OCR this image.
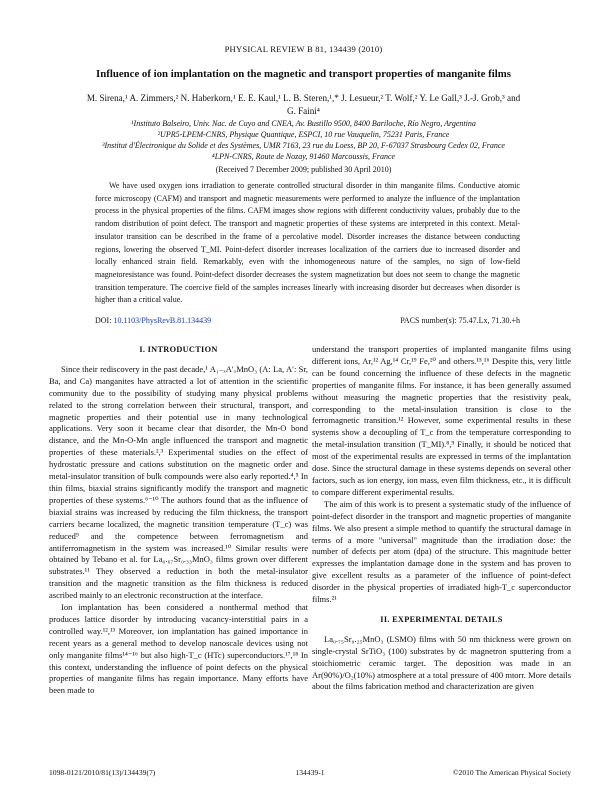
PHYSICAL REVIEW B 81, 134439 (2010)
Influence of ion implantation on the magnetic and transport properties of manganite films
M. Sirena,¹ A. Zimmers,² N. Haberkorn,¹ E. E. Kaul,¹ L. B. Steren,¹,* J. Lesueur,² T. Wolf,² Y. Le Gall,³ J.-J. Grob,³ and
G. Faini⁴
¹Instituto Balseiro, Univ. Nac. de Cuyo and CNEA, Av. Bustillo 9500, 8400 Bariloche, Río Negro, Argentina
²UPR5-LPEM-CNRS, Physique Quantique, ESPCI, 10 rue Vauquelin, 75231 Paris, France
³Institut d'Électronique du Solide et des Systèmes, UMR 7163, 23 rue du Loess, BP 20, F-67037 Strasbourg Cedex 02, France
⁴LPN-CNRS, Route de Nozay, 91460 Marcoussis, France
(Received 7 December 2009; published 30 April 2010)
We have used oxygen ions irradiation to generate controlled structural disorder in thin manganite films. Conductive atomic force microscopy (CAFM) and transport and magnetic measurements were performed to analyze the influence of the implantation process in the physical properties of the films. CAFM images show regions with different conductivity values, probably due to the random distribution of point defect. The transport and magnetic properties of these systems are interpreted in this context. Metal-insulator transition can be described in the frame of a percolative model. Disorder increases the distance between conducting regions, lowering the observed T_MI. Point-defect disorder increases localization of the carriers due to increased disorder and locally enhanced strain field. Remarkably, even with the inhomogeneous nature of the samples, no sign of low-field magnetoresistance was found. Point-defect disorder decreases the system magnetization but does not seem to change the magnetic transition temperature. The coercive field of the samples increases linearly with increasing disorder but decreases when disorder is higher than a critical value.
DOI: 10.1103/PhysRevB.81.134439	PACS number(s): 75.47.Lx, 71.30.+h
I. INTRODUCTION

Since their rediscovery in the past decade,¹ A₁₋ₓA′ₓMnO₃ (A: La, A′: Sr, Ba, and Ca) manganites have attracted a lot of attention in the scientific community due to the possibility of studying many physical problems related to the strong correlation between their structural, transport, and magnetic properties and their potential use in many technological applications. Very soon it became clear that disorder, the Mn-O bond distance, and the Mn-O-Mn angle influenced the transport and magnetic properties of these materials.²,³ Experimental studies on the effect of hydrostatic pressure and cations substitution on the magnetic order and metal-insulator transition of bulk compounds were also early reported.⁴,⁵ In thin films, biaxial strains significantly modify the transport and magnetic properties of these systems.⁶⁻¹⁰ The authors found that as the influence of biaxial strains was increased by reducing the film thickness, the transport carriers became localized, the magnetic transition temperature (T_c) was reduced⁹ and the competence between ferromagnetism and antiferromagnetism in the system was increased.¹⁰ Similar results were obtained by Tebano et al. for La₀.₆₇Sr₀.₃₃MnO₃ films grown over different substrates.¹¹ They observed a reduction in both the metal-insulator transition and the magnetic transition as the film thickness is reduced ascribed mainly to an electronic reconstruction at the interface.

Ion implantation has been considered a nonthermal method that produces lattice disorder by introducing vacancy-interstitial pairs in a controlled way.¹²,¹³ Moreover, ion implantation has gained importance in recent years as a general method to develop nanoscale devices using not only manganite films¹⁴⁻¹⁶ but also high-T_c (HTc) superconductors.¹⁷,¹⁸ In this context, understanding the influence of point defects on the physical properties of manganite films has regain importance. Many efforts have been made to

understand the transport properties of implanted manganite films using different ions, Ar,¹² Ag,¹⁴ Cr,¹⁹ Fe,²⁰ and others.¹⁵,¹⁶ Despite this, very little can be found concerning the influence of these defects in the magnetic properties of manganite films. For instance, it has been generally assumed without measuring the magnetic properties that the resistivity peak, corresponding to the metal-insulation transition is close to the ferromagnetic transition.¹² However, some experimental results in these systems show a decoupling of T_c from the temperature corresponding to the metal-insulation transition (T_MI).⁸,⁹ Finally, it should be noticed that most of the experimental results are expressed in terms of the implantation dose. Since the structural damage in these systems depends on several other factors, such as ion energy, ion mass, even film thickness, etc., it is difficult to compare different experimental results.

The aim of this work is to present a systematic study of the influence of point-defect disorder in the transport and magnetic properties of manganite films. We also present a simple method to quantify the structural damage in terms of a more "universal" magnitude than the irradiation dose: the number of defects per atom (dpa) of the structure. This magnitude better expresses the implantation damage done in the system and has proven to give excellent results as a parameter of the influence of point-defect disorder in the physical properties of irradiated high-T_c superconductor films.²¹

II. EXPERIMENTAL DETAILS

La₀.₇₅Sr₀.₂₅MnO₃ (LSMO) films with 50 nm thickness were grown on single-crystal SrTiO₃ (100) substrates by dc magnetron sputtering from a stoichiometric ceramic target. The deposition was made in an Ar(90%)/O₂(10%) atmosphere at a total pressure of 400 mtorr. More details about the films fabrication method and characterization are given

1098-0121/2010/81(13)/134439(7)	134439-1	©2010 The American Physical Society
